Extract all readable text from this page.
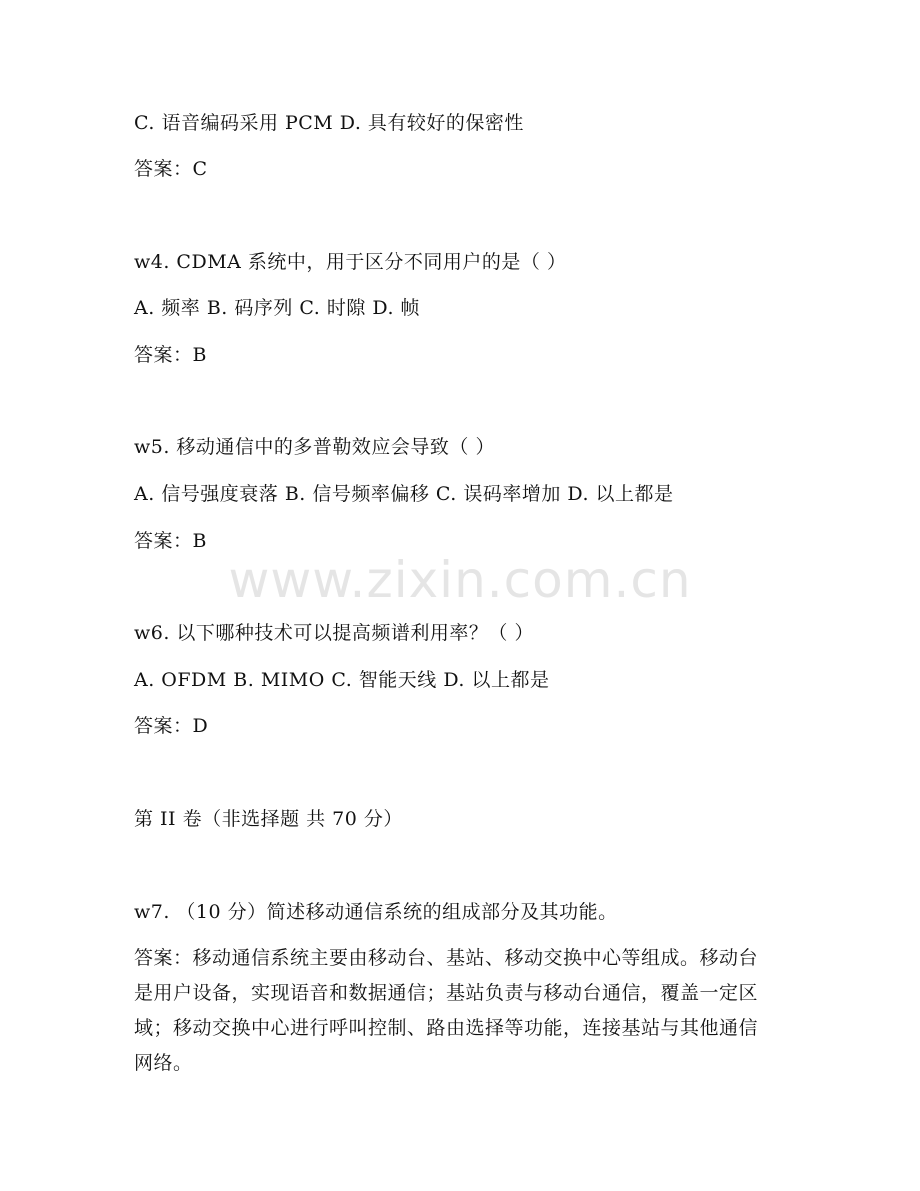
C. 语音编码采用 PCM D. 具有较好的保密性
答案：C
w4. CDMA 系统中，用于区分不同用户的是（ ）
A. 频率 B. 码序列 C. 时隙 D. 帧
答案：B
w5. 移动通信中的多普勒效应会导致（ ）
A. 信号强度衰落 B. 信号频率偏移 C. 误码率增加 D. 以上都是
答案：B
www.zixin.com.cn
w6. 以下哪种技术可以提高频谱利用率？（ ）
A. OFDM B. MIMO C. 智能天线 D. 以上都是
答案：D
第 II 卷（非选择题 共 70 分）
w7. （10 分）简述移动通信系统的组成部分及其功能。
答案：移动通信系统主要由移动台、基站、移动交换中心等组成。移动台是用户设备，实现语音和数据通信；基站负责与移动台通信，覆盖一定区域；移动交换中心进行呼叫控制、路由选择等功能，连接基站与其他通信网络。
